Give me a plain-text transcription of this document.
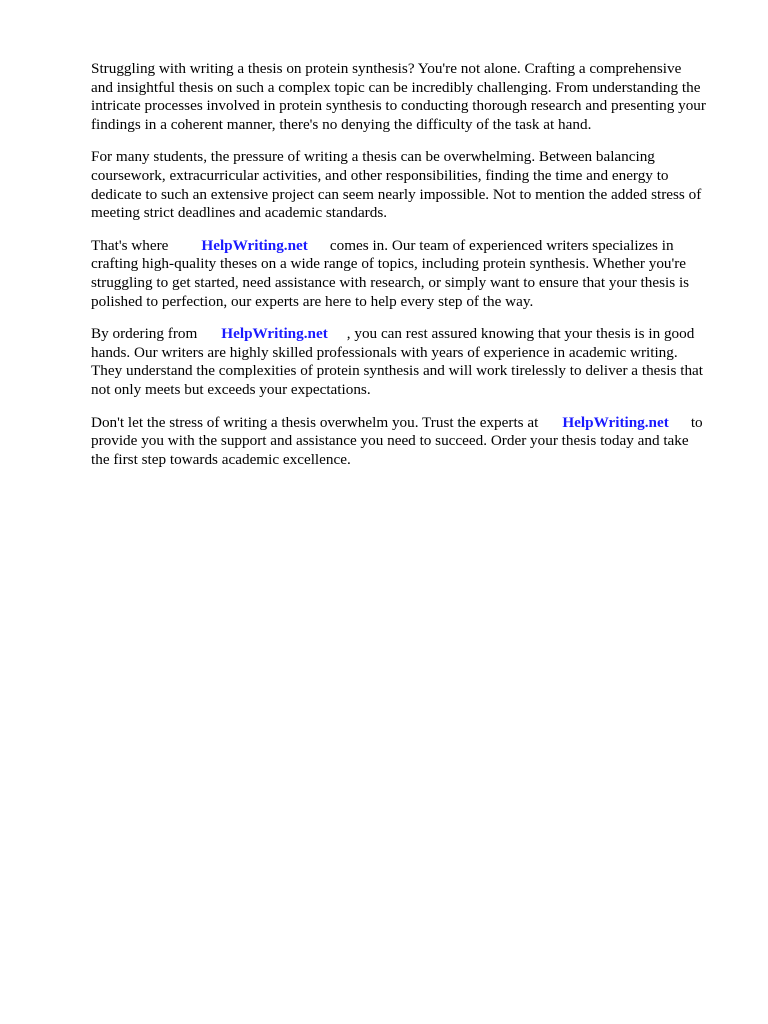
Struggling with writing a thesis on protein synthesis? You're not alone. Crafting a comprehensive
and insightful thesis on such a complex topic can be incredibly challenging. From understanding the
intricate processes involved in protein synthesis to conducting thorough research and presenting your
findings in a coherent manner, there's no denying the difficulty of the task at hand.

For many students, the pressure of writing a thesis can be overwhelming. Between balancing
coursework, extracurricular activities, and other responsibilities, finding the time and energy to
dedicate to such an extensive project can seem nearly impossible. Not to mention the added stress of
meeting strict deadlines and academic standards.

That's where HelpWriting.net comes in. Our team of experienced writers specializes in
crafting high-quality theses on a wide range of topics, including protein synthesis. Whether you're
struggling to get started, need assistance with research, or simply want to ensure that your thesis is
polished to perfection, our experts are here to help every step of the way.

By ordering from HelpWriting.net , you can rest assured knowing that your thesis is in good
hands. Our writers are highly skilled professionals with years of experience in academic writing.
They understand the complexities of protein synthesis and will work tirelessly to deliver a thesis that
not only meets but exceeds your expectations.

Don't let the stress of writing a thesis overwhelm you. Trust the experts at HelpWriting.net to
provide you with the support and assistance you need to succeed. Order your thesis today and take
the first step towards academic excellence.
